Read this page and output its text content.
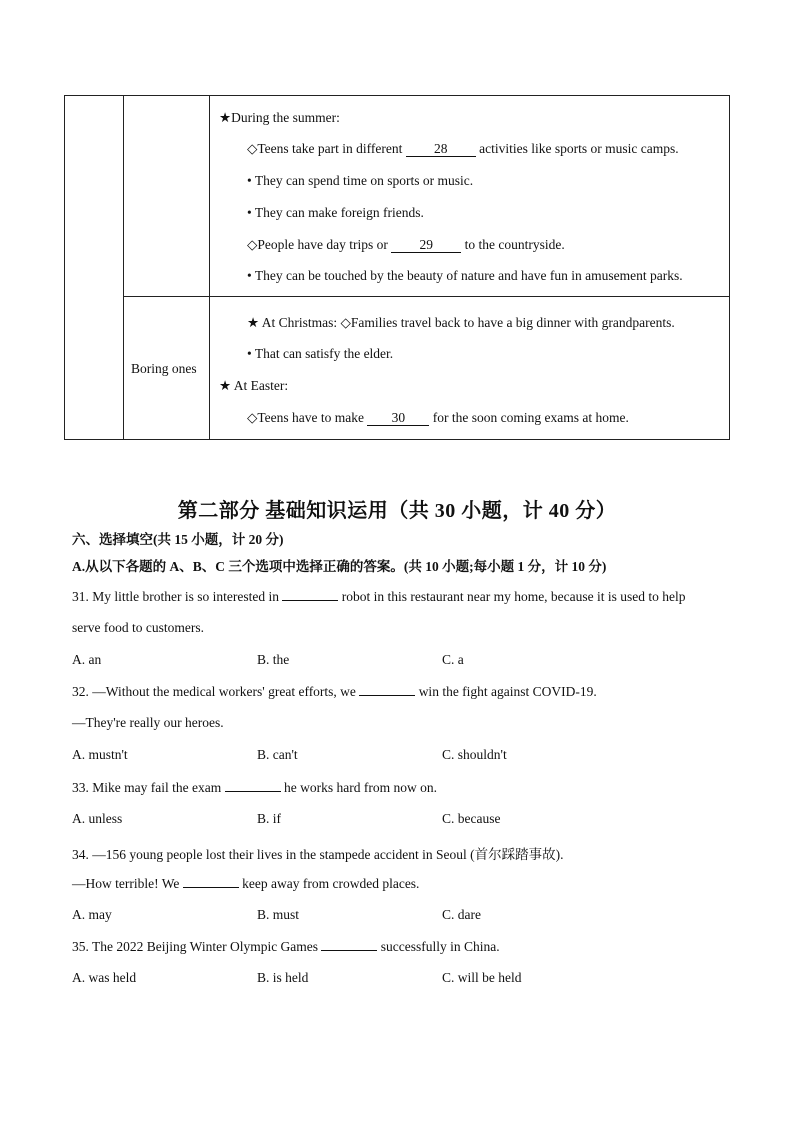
★During the summer:
◇Teens take part in different 28 activities like sports or music camps.
• They can spend time on sports or music.
• They can make foreign friends.
◇People have day trips or 29 to the countryside.
• They can be touched by the beauty of nature and have fun in amusement parks.
Boring ones
★ At Christmas: ◇Families travel back to have a big dinner with grandparents.
• That can satisfy the elder.
★ At Easter:
◇Teens have to make 30 for the soon coming exams at home.
第二部分 基础知识运用（共 30 小题，计 40 分）
六、选择填空(共 15 小题，计 20 分)
A.从以下各题的 A、B、C 三个选项中选择正确的答案。(共 10 小题;每小题 1 分，计 10 分)
31. My little brother is so interested in	robot in this restaurant near my home, because it is used to help
serve food to customers.
A. an	B. the	C. a
32. —Without the medical workers' great efforts, we	win the fight against COVID-19.
—They're really our heroes.
A. mustn't	B. can't	C. shouldn't
33. Mike may fail the exam	he works hard from now on.
A. unless	B. if	C. because
34. —156 young people lost their lives in the stampede accident in Seoul (首尔踩踏事故).
—How terrible! We	keep away from crowded places.
A. may	B. must	C. dare
35. The 2022 Beijing Winter Olympic Games	successfully in China.
A. was held	B. is held	C. will be held
